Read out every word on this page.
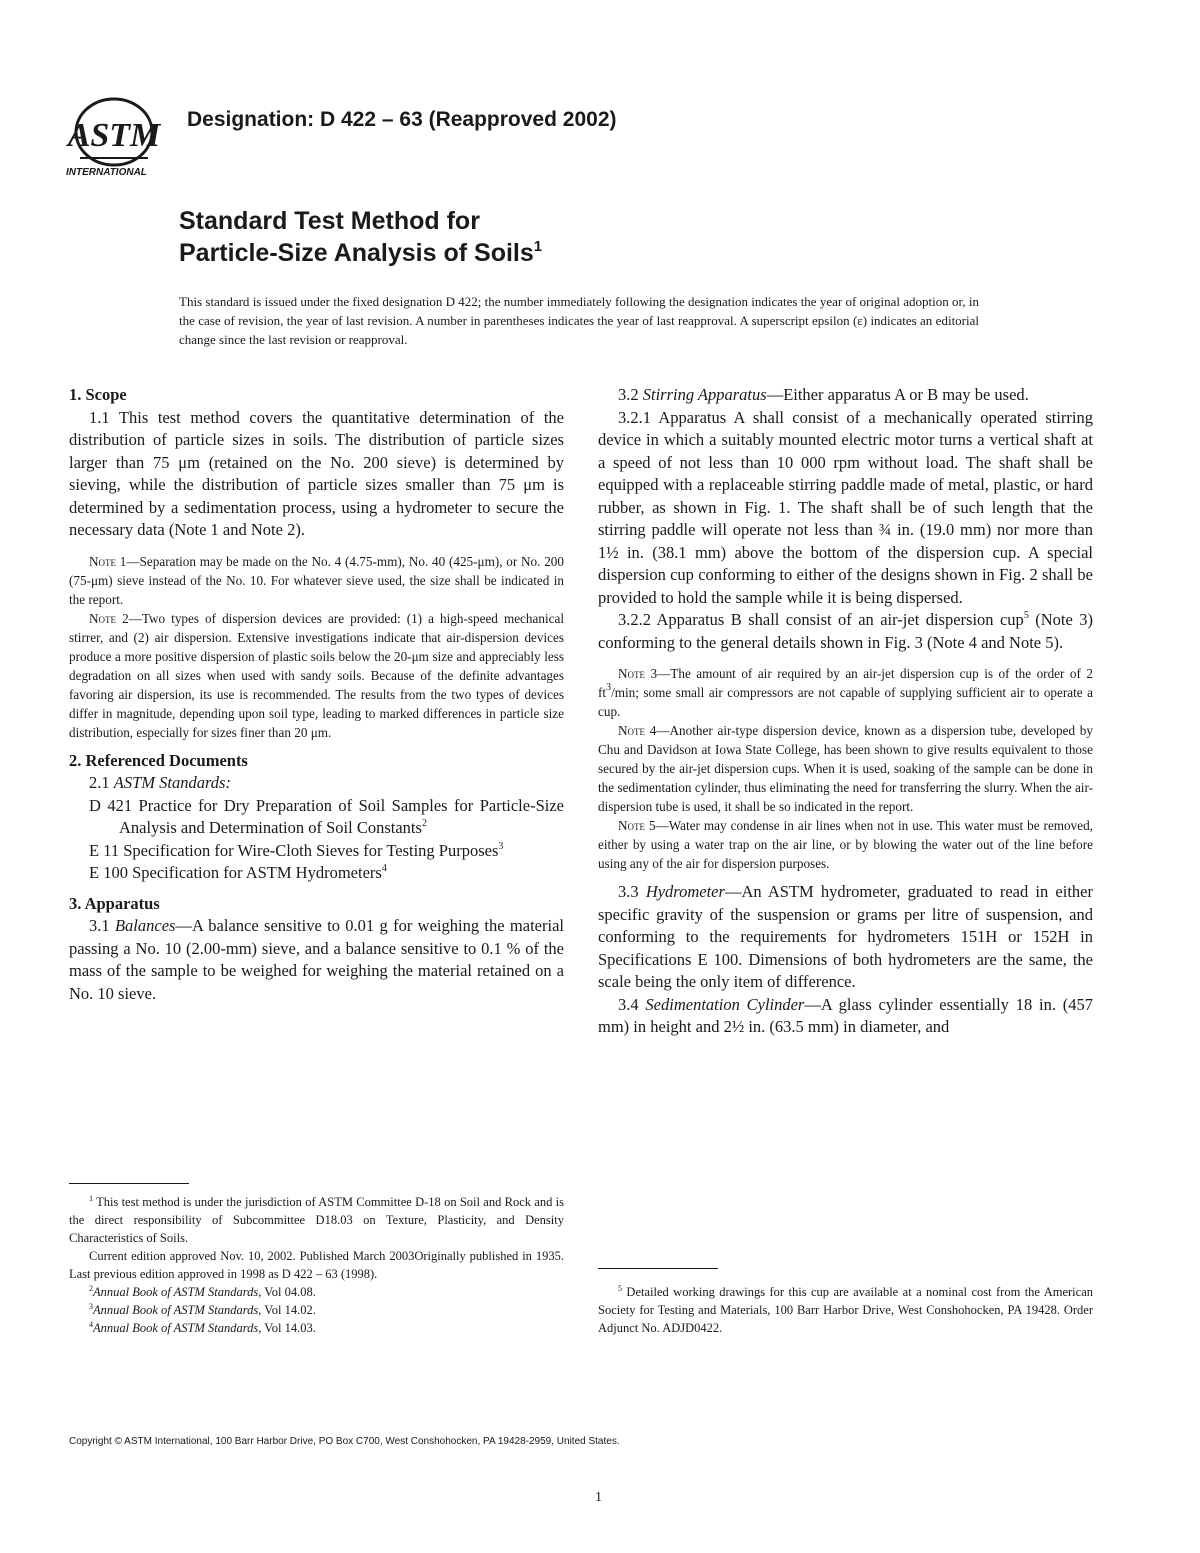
ASTM
INTERNATIONAL
Designation: D 422 – 63 (Reapproved 2002)
Standard Test Method for
Particle-Size Analysis of Soils$^1$
This standard is issued under the fixed designation D 422; the number immediately following the designation indicates the year of original adoption or, in the case of revision, the year of last revision. A number in parentheses indicates the year of last reapproval. A superscript epsilon (ε) indicates an editorial change since the last revision or reapproval.
1. Scope

1.1 This test method covers the quantitative determination of the distribution of particle sizes in soils. The distribution of particle sizes larger than 75 μm (retained on the No. 200 sieve) is determined by sieving, while the distribution of particle sizes smaller than 75 μm is determined by a sedimentation process, using a hydrometer to secure the necessary data (Note 1 and Note 2).

Note 1—Separation may be made on the No. 4 (4.75-mm), No. 40 (425-μm), or No. 200 (75-μm) sieve instead of the No. 10. For whatever sieve used, the size shall be indicated in the report.

Note 2—Two types of dispersion devices are provided: (1) a high-speed mechanical stirrer, and (2) air dispersion. Extensive investigations indicate that air-dispersion devices produce a more positive dispersion of plastic soils below the 20-μm size and appreciably less degradation on all sizes when used with sandy soils. Because of the definite advantages favoring air dispersion, its use is recommended. The results from the two types of devices differ in magnitude, depending upon soil type, leading to marked differences in particle size distribution, especially for sizes finer than 20 μm.

2. Referenced Documents

2.1 ASTM Standards:

D 421 Practice for Dry Preparation of Soil Samples for Particle-Size Analysis and Determination of Soil Constants$^2$

E 11 Specification for Wire-Cloth Sieves for Testing Purposes$^3$

E 100 Specification for ASTM Hydrometers$^4$

3. Apparatus

3.1 Balances—A balance sensitive to 0.01 g for weighing the material passing a No. 10 (2.00-mm) sieve, and a balance sensitive to 0.1 % of the mass of the sample to be weighed for weighing the material retained on a No. 10 sieve.

3.2 Stirring Apparatus—Either apparatus A or B may be used.

3.2.1 Apparatus A shall consist of a mechanically operated stirring device in which a suitably mounted electric motor turns a vertical shaft at a speed of not less than 10 000 rpm without load. The shaft shall be equipped with a replaceable stirring paddle made of metal, plastic, or hard rubber, as shown in Fig. 1. The shaft shall be of such length that the stirring paddle will operate not less than ¾ in. (19.0 mm) nor more than 1½ in. (38.1 mm) above the bottom of the dispersion cup. A special dispersion cup conforming to either of the designs shown in Fig. 2 shall be provided to hold the sample while it is being dispersed.

3.2.2 Apparatus B shall consist of an air-jet dispersion cup$^5$ (Note 3) conforming to the general details shown in Fig. 3 (Note 4 and Note 5).

Note 3—The amount of air required by an air-jet dispersion cup is of the order of 2 $ft^3/\min$; some small air compressors are not capable of supplying sufficient air to operate a cup.

Note 4—Another air-type dispersion device, known as a dispersion tube, developed by Chu and Davidson at Iowa State College, has been shown to give results equivalent to those secured by the air-jet dispersion cups. When it is used, soaking of the sample can be done in the sedimentation cylinder, thus eliminating the need for transferring the slurry. When the air-dispersion tube is used, it shall be so indicated in the report.

Note 5—Water may condense in air lines when not in use. This water must be removed, either by using a water trap on the air line, or by blowing the water out of the line before using any of the air for dispersion purposes.

3.3 Hydrometer—An ASTM hydrometer, graduated to read in either specific gravity of the suspension or grams per litre of suspension, and conforming to the requirements for hydrometers 151H or 152H in Specifications E 100. Dimensions of both hydrometers are the same, the scale being the only item of difference.

3.4 Sedimentation Cylinder—A glass cylinder essentially 18 in. (457 mm) in height and 2½ in. (63.5 mm) in diameter, and

$^1$ This test method is under the jurisdiction of ASTM Committee D-18 on Soil and Rock and is the direct responsibility of Subcommittee D18.03 on Texture, Plasticity, and Density Characteristics of Soils.

Current edition approved Nov. 10, 2002. Published March 2003Originally published in 1935. Last previous edition approved in 1998 as D 422 – 63 (1998).

$^2$Annual Book of ASTM Standards, Vol 04.08.

$^3$Annual Book of ASTM Standards, Vol 14.02.

$^4$Annual Book of ASTM Standards, Vol 14.03.

$^5$ Detailed working drawings for this cup are available at a nominal cost from the American Society for Testing and Materials, 100 Barr Harbor Drive, West Conshohocken, PA 19428. Order Adjunct No. ADJD0422.

Copyright © ASTM International, 100 Barr Harbor Drive, PO Box C700, West Conshohocken, PA 19428-2959, United States.
1
